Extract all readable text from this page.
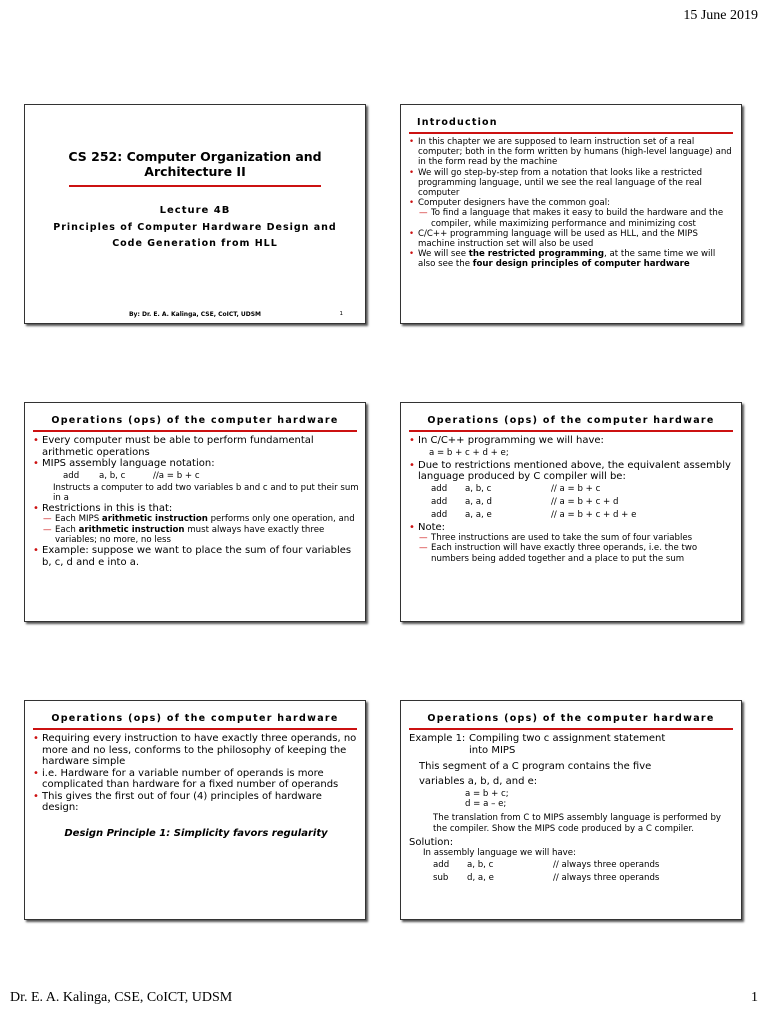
15 June 2019
CS 252: Computer Organization and Architecture II
Lecture 4B
Principles of Computer Hardware Design and Code Generation from HLL
By: Dr. E. A. Kalinga, CSE, CoICT, UDSM	1
Introduction

• In this chapter we are supposed to learn instruction set of a real computer; both in the form written by humans (high-level language) and in the form read by the machine

• We will go step-by-step from a notation that looks like a restricted programming language, until we see the real language of the real computer

• Computer designers have the common goal:

— To find a language that makes it easy to build the hardware and the compiler, while maximizing performance and minimizing cost

• C/C++ programming language will be used as HLL, and the MIPS machine instruction set will also be used

• We will see the restricted programming, at the same time we will also see the four design principles of computer hardware

Operations (ops) of the computer hardware

• Every computer must be able to perform fundamental arithmetic operations

• MIPS assembly language notation:

add	a, b, c	//a = b + c
Instructs a computer to add two variables b and c and to put their sum in a

• Restrictions in this is that:

— Each MIPS arithmetic instruction performs only one operation, and

— Each arithmetic instruction must always have exactly three variables; no more, no less

• Example: suppose we want to place the sum of four variables b, c, d and e into a.

Operations (ops) of the computer hardware

• In C/C++ programming we will have:

a = b + c + d + e;

• Due to restrictions mentioned above, the equivalent assembly language produced by C compiler will be:

add	a, b, c	// a = b + c
add	a, a, d	// a = b + c + d
add	a, a, e	// a = b + c + d + e

• Note:

— Three instructions are used to take the sum of four variables

— Each instruction will have exactly three operands, i.e. the two numbers being added together and a place to put the sum

Operations (ops) of the computer hardware

• Requiring every instruction to have exactly three operands, no more and no less, conforms to the philosophy of keeping the hardware simple

• i.e. Hardware for a variable number of operands is more complicated than hardware for a fixed number of operands

• This gives the first out of four (4) principles of hardware design:

Design Principle 1: Simplicity favors regularity
Operations (ops) of the computer hardware
Example 1: Compiling two c assignment statement into MIPS
This segment of a C program contains the five variables a, b, d, and e:
a = b + c;
d = a – e;
The translation from C to MIPS assembly language is performed by the compiler. Show the MIPS code produced by a C compiler.
Solution:
In assembly language we will have:
add	a, b, c	// always three operands
sub	d, a, e	// always three operands
Dr. E. A. Kalinga, CSE, CoICT, UDSM	1
